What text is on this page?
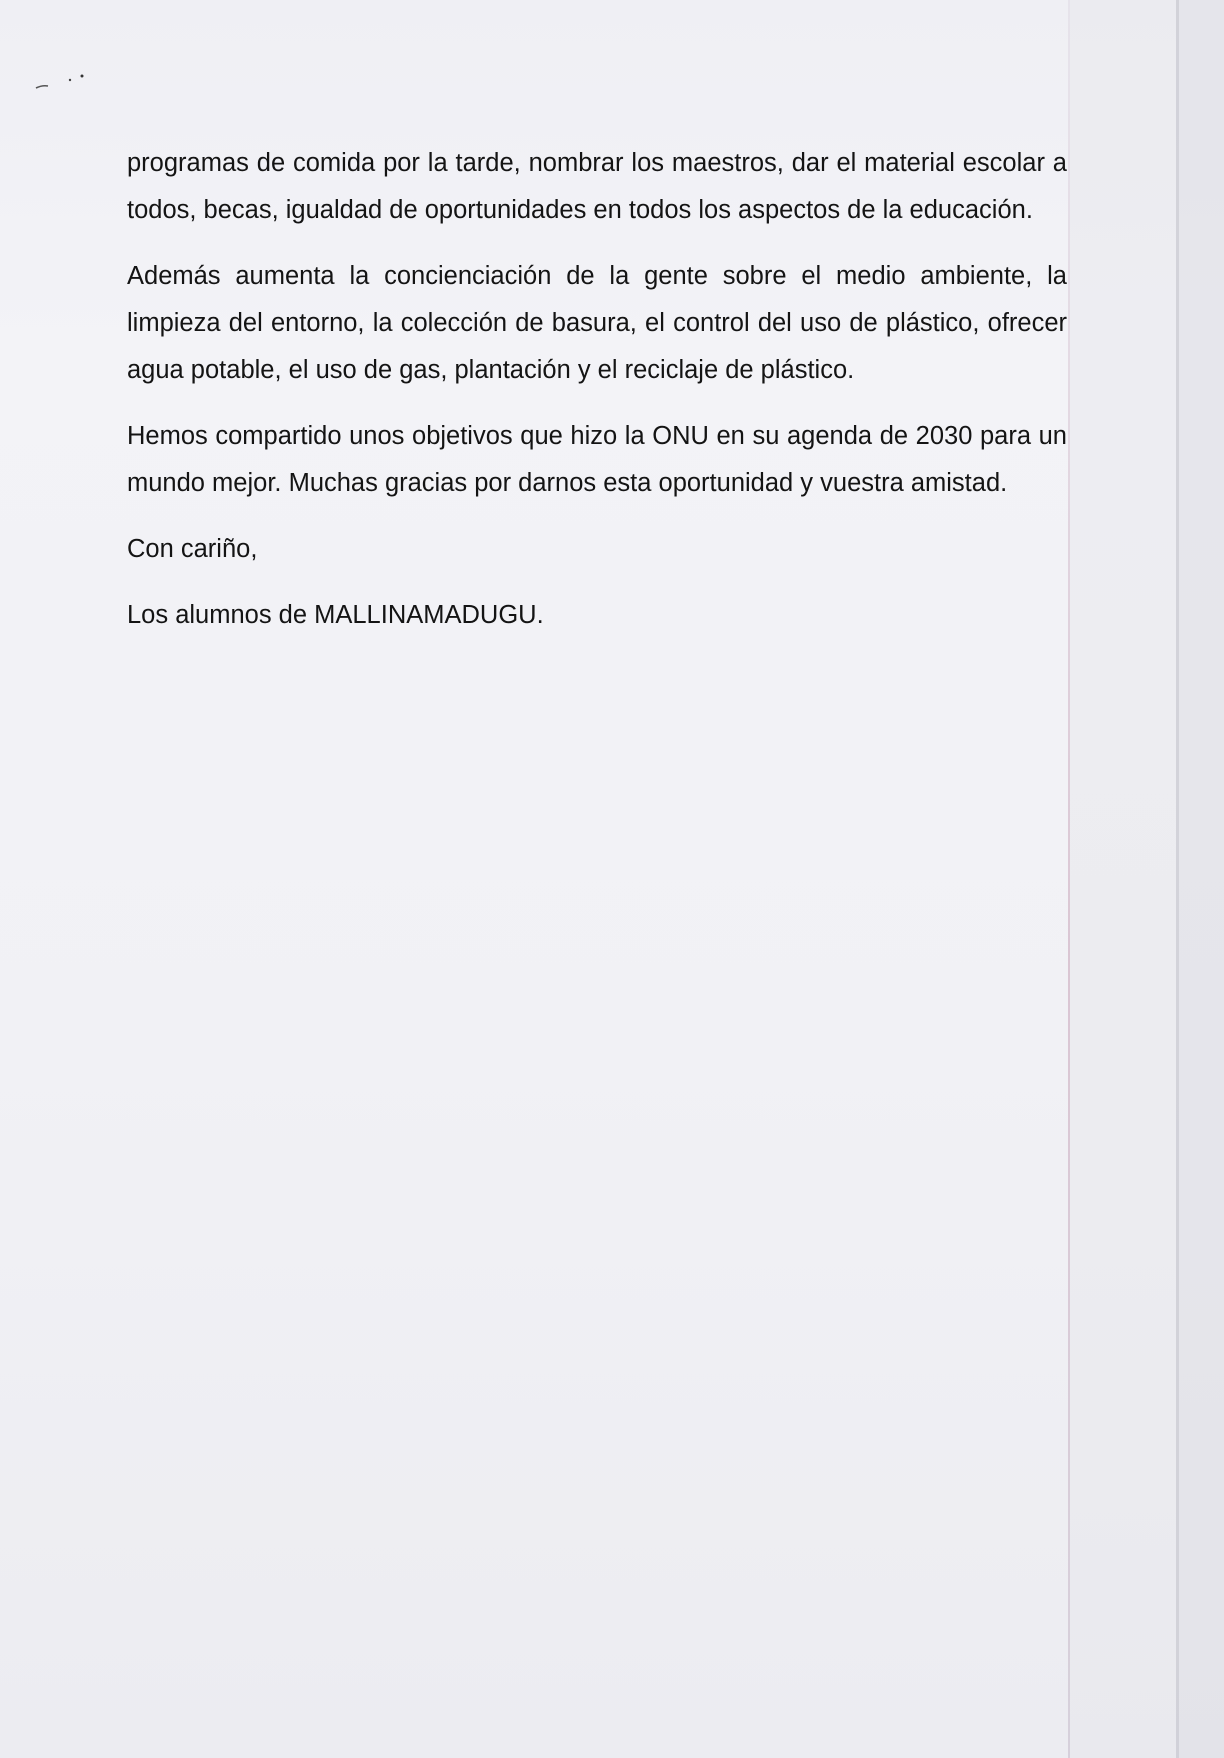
programas de comida por la tarde, nombrar los maestros, dar el material escolar a todos, becas, igualdad de oportunidades en todos los aspectos de la educación.

Además aumenta la concienciación de la gente sobre el medio ambiente, la limpieza del entorno, la colección de basura, el control del uso de plástico, ofrecer agua potable, el uso de gas, plantación y el reciclaje de plástico.

Hemos compartido unos objetivos que hizo la ONU en su agenda de 2030 para un mundo mejor. Muchas gracias por darnos esta oportunidad y vuestra amistad.

Con cariño,

Los alumnos de MALLINAMADUGU.
